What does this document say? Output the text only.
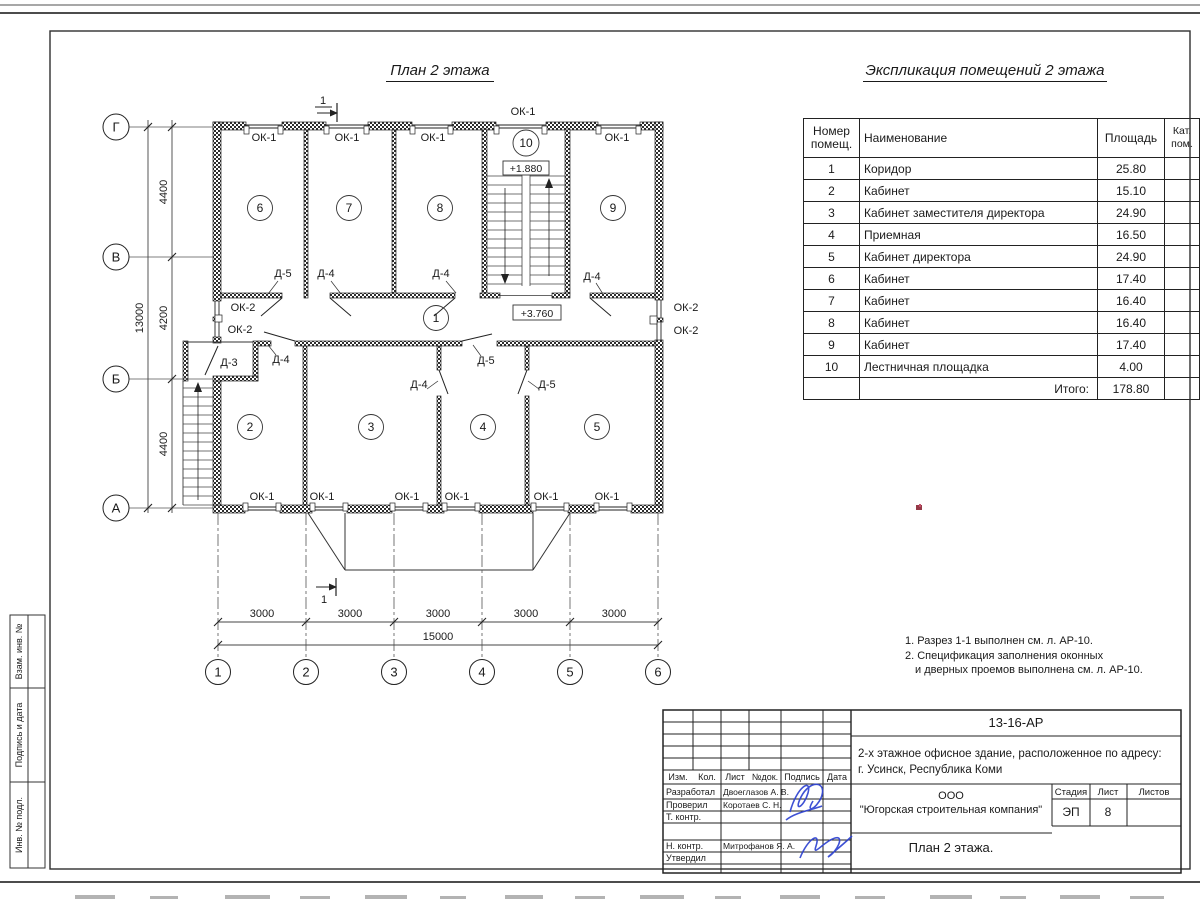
План 2 этажа	Экспликация помещений 2 этажа
Номер помещ.	Наименование	Площадь	Кат. пом.
1	Коридор	25.80	
2	Кабинет	15.10	
3	Кабинет заместителя директора	24.90	
4	Приемная	16.50	
5	Кабинет директора	24.90	
6	Кабинет	17.40	
7	Кабинет	16.40	
8	Кабинет	16.40	
9	Кабинет	17.40	
10	Лестничная площадка	4.00	
	Итого:	178.80	
1. Разрез 1-1 выполнен см. л. АР-10.
2. Спецификация заполнения оконных
и дверных проемов выполнена см. л. АР-10.
Взам. инв. №
Подпись и дата
Инв. № подл.
6	7	8	9
10
1
2	3	4	5
+1.880
+3.760
ОК-1	ОК-1	ОК-1	ОК-1
ОК-1
ОК-1	ОК-1	ОК-1 ОК-1	ОК-1	ОК-1
ОК-2
ОК-2
ОК-2
ОК-2
Д-5 Д-4	Д-4	Д-4
Д-3	Д-4	Д-5
Д-4	Д-5
1
1
3000	3000	3000	3000	3000
15000
4400
4200
4400
13000
Г
В
Б
А
1	2	3	4	5	6
13-16-АР
2-х этажное офисное здание, расположенное по адресу:
г. Усинск, Республика Коми
ООО
"Югорская строительная компания"
План 2 этажа.
Стадия Лист Листов
ЭП 8
Изм. Кол. Лист №док. Подпись Дата
Разработал
Проверил
Т. контр.
Н. контр.
Утвердил
Двоеглазов А. В.
Коротаев С. Н.
Митрофанов Я. А.
